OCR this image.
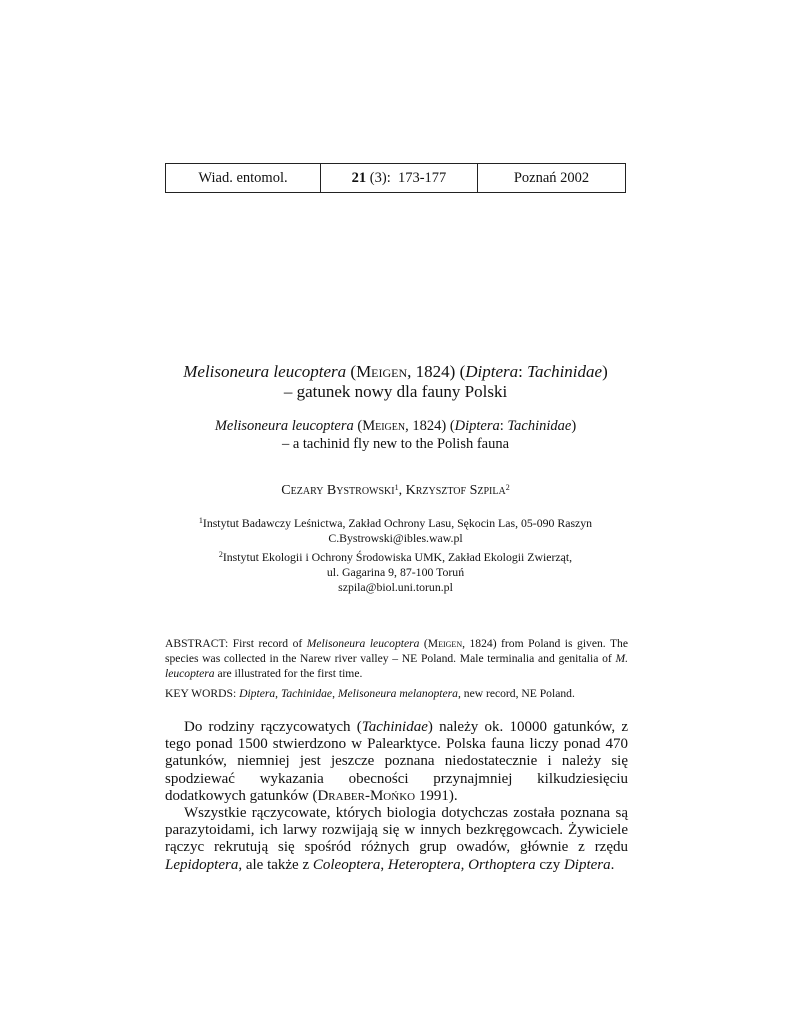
Wiad. entomol.	21 (3):  173-177	Poznań 2002
Melisoneura leucoptera (Meigen, 1824) (Diptera: Tachinidae)
– gatunek nowy dla fauny Polski
Melisoneura leucoptera (Meigen, 1824) (Diptera: Tachinidae)
– a tachinid fly new to the Polish fauna
Cezary Bystrowski$^1$, Krzysztof Szpila$^2$
$^1$Instytut Badawczy Leśnictwa, Zakład Ochrony Lasu, Sękocin Las, 05-090 Raszyn
C.Bystrowski@ibles.waw.pl
$^2$Instytut Ekologii i Ochrony Środowiska UMK, Zakład Ekologii Zwierząt,
ul. Gagarina 9, 87-100 Toruń
szpila@biol.uni.torun.pl
ABSTRACT: First record of Melisoneura leucoptera (Meigen, 1824) from Poland is given. The species was collected in the Narew river valley – NE Poland. Male terminalia and genitalia of M. leucoptera are illustrated for the first time.
KEY WORDS: Diptera, Tachinidae, Melisoneura melanoptera, new record, NE Poland.

Do rodziny rączycowatych (Tachinidae) należy ok. 10000 gatunków, z tego ponad 1500 stwierdzono w Palearktyce. Polska fauna liczy ponad 470 gatunków, niemniej jest jeszcze poznana niedostatecznie i należy się spodziewać wykazania obecności przynajmniej kilkudziesięciu dodatkowych gatunków (Draber-Mońko 1991).

Wszystkie rączycowate, których biologia dotychczas została poznana są parazytoidami, ich larwy rozwijają się w innych bezkręgowcach. Żywiciele rączyc rekrutują się spośród różnych grup owadów, głównie z rzędu Lepidoptera, ale także z Coleoptera, Heteroptera, Orthoptera czy Diptera.
